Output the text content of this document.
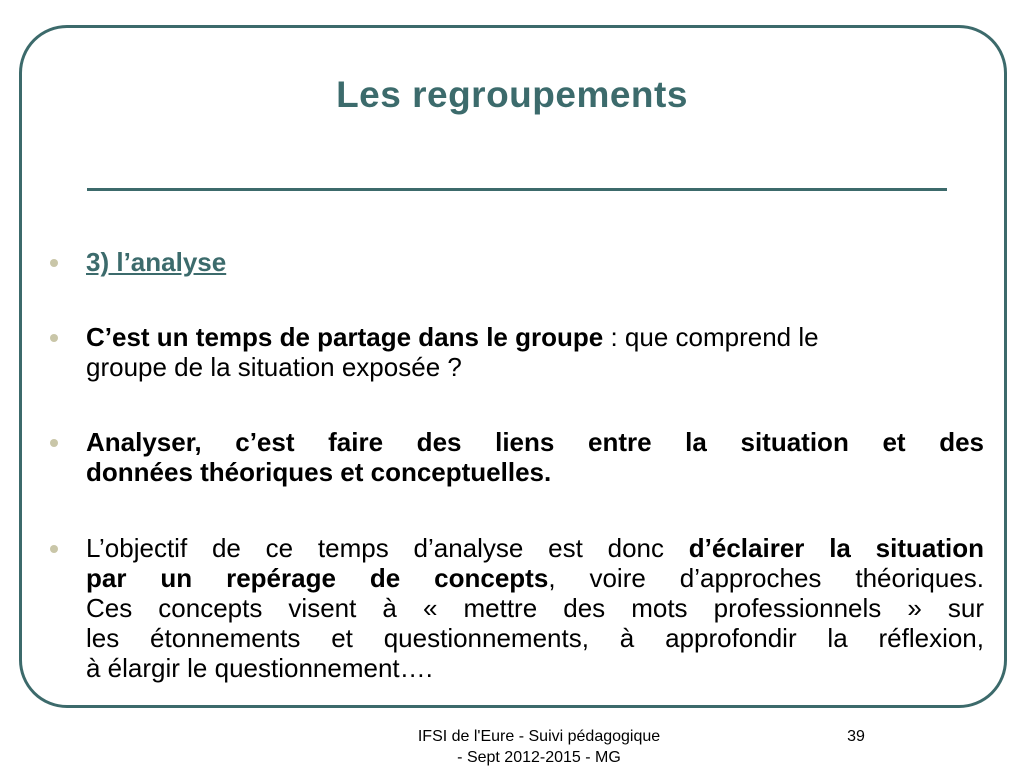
Les regroupements
3) l’analyse
C’est un temps de partage dans le groupe : que comprend le
groupe de la situation exposée ?
Analyser, c’est faire des liens entre la situation et des
données théoriques et conceptuelles.
L’objectif de ce temps d’analyse est donc d’éclairer la situation
par un repérage de concepts, voire d’approches théoriques.
Ces concepts visent à « mettre des mots professionnels » sur
les étonnements et questionnements, à approfondir la réflexion,
à élargir le questionnement….
IFSI de l'Eure - Suivi pédagogique
- Sept 2012-2015 - MG
39
